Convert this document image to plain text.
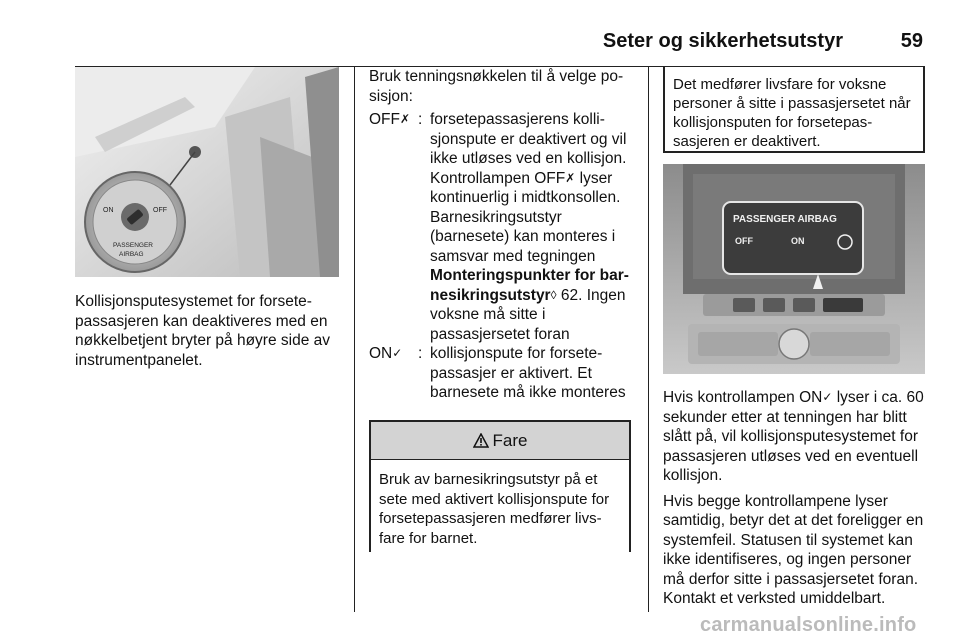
Seter og sikkerhetsutstyr	59
ON	OFF
PASSENGER
AIRBAG
Kollisjonsputesystemet for forsetepassasjeren kan deaktiveres med en nøkkelbetjent bryter på høyre side av instrumentpanelet.
Bruk tenningsnøkkelen til å velge posisjon:
OFF✗ : forsetepassasjerens kollisjonspute er deaktivert og vil ikke utløses ved en kollisjon. Kontrollampen OFF✗ lyser kontinuerlig i midtkonsollen. Barnesikringsutstyr (barnesete) kan monteres i samsvar med tegningen Monteringspunkter for barnesikringsutstyr◊ 62. Ingen voksne må sitte i passasjersetet foran
ON✓	: kollisjonspute for forsetepassasjer er aktivert. Et barnesete må ikke monteres
Fare
Bruk av barnesikringsutstyr på et sete med aktivert kollisjonspute for forsetepassasjeren medfører livsfare for barnet.
Det medfører livsfare for voksne personer å sitte i passasjersetet når kollisjonsputen for forsetepassasjeren er deaktivert.
PASSENGER AIRBAG
OFF	ON
Hvis kontrollampen ON✓ lyser i ca. 60 sekunder etter at tenningen har blitt slått på, vil kollisjonsputesystemet for passasjeren utløses ved en eventuell kollisjon.
Hvis begge kontrollampene lyser samtidig, betyr det at det foreligger en systemfeil. Statusen til systemet kan ikke identifiseres, og ingen personer må derfor sitte i passasjersetet foran. Kontakt et verksted umiddelbart.
carmanualsonline.info
